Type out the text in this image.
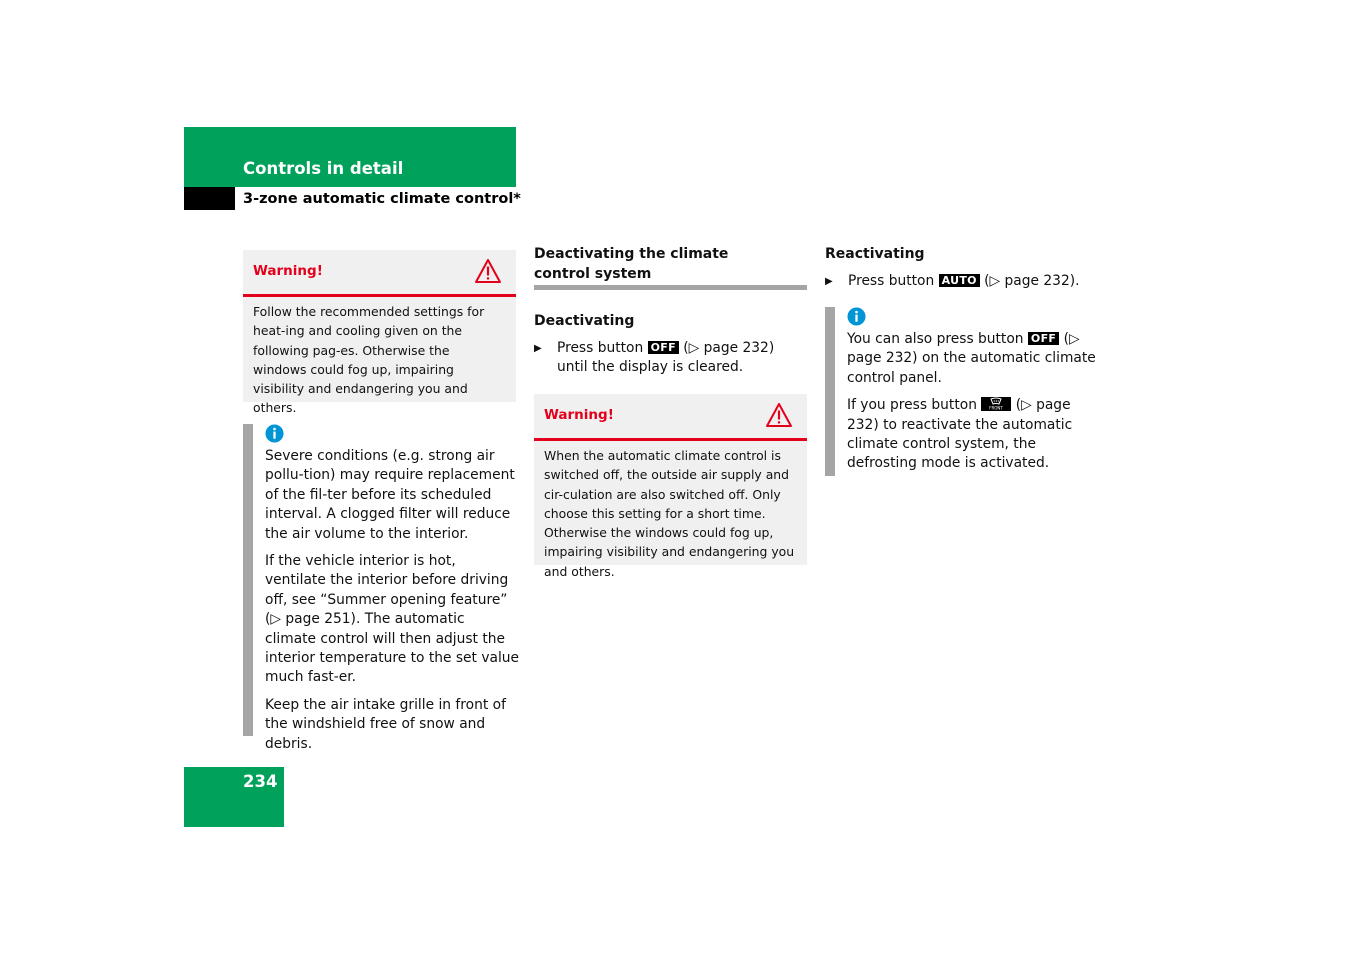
Controls in detail
3-zone automatic climate control*
Warning!
Follow the recommended settings for heat-ing and cooling given on the following pag-es. Otherwise the windows could fog up, impairing visibility and endangering you and others.

Severe conditions (e.g. strong air pollu-tion) may require replacement of the fil-ter before its scheduled interval. A clogged filter will reduce the air volume to the interior.

If the vehicle interior is hot, ventilate the interior before driving off, see “Summer opening feature” (▷ page 251). The automatic climate control will then adjust the interior temperature to the set value much fast-er.

Keep the air intake grille in front of the windshield free of snow and debris.

Deactivating the climate control system
Deactivating
▶ Press button OFF (▷ page 232) until the display is cleared.
Warning!
When the automatic climate control is switched off, the outside air supply and cir-culation are also switched off. Only choose this setting for a short time. Otherwise the windows could fog up, impairing visibility and endangering you and others.
Reactivating
▶ Press button AUTO (▷ page 232).

You can also press button OFF (▷ page 232) on the automatic climate control panel.

If you press button	FRONT (▷ page 232) to reactivate the automatic climate control system, the defrosting mode is activated.

234
